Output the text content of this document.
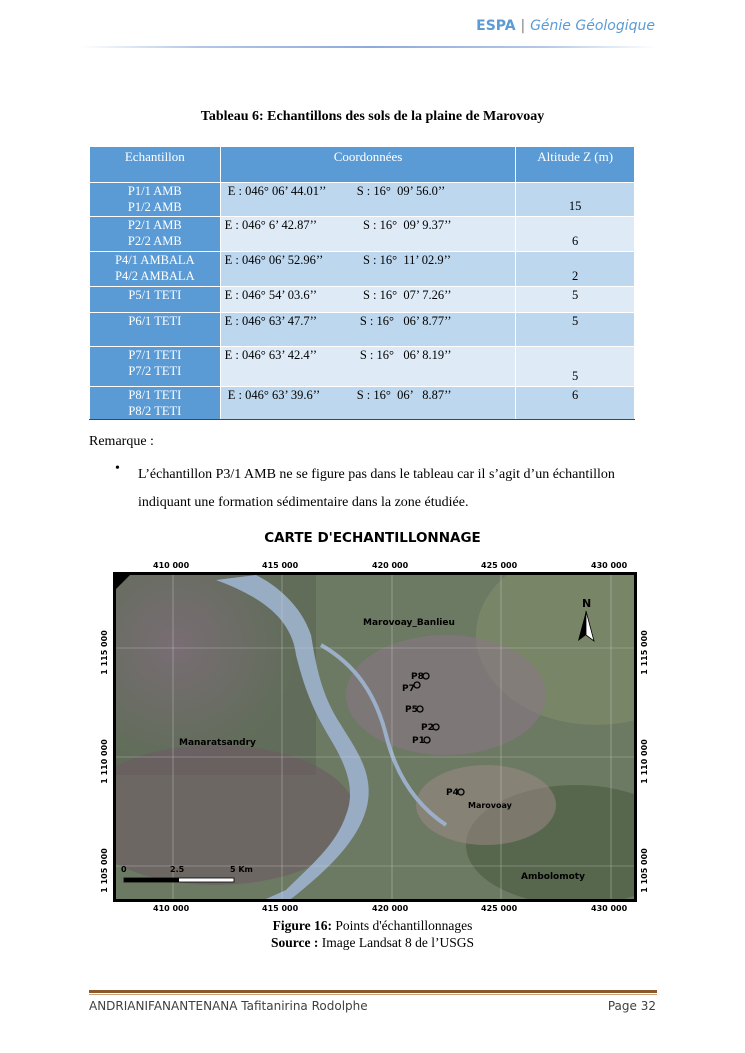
ESPA | Génie Géologique
Tableau 6: Echantillons des sols de la plaine de Marovoay
Echantillon	Coordonnées	Altitude Z (m)

P1/1 AMB
P1/2 AMB	E : 046° 06’ 44.01’’          S : 16°  09’ 56.0’’	15

P2/1 AMB
P2/2 AMB	E : 046° 6’ 42.87’’               S : 16°  09’ 9.37’’	6

P4/1 AMBALA
P4/2 AMBALA	E : 046° 06’ 52.96’’             S : 16°  11’ 02.9’’	2

P5/1 TETI	E : 046° 54’ 03.6’’               S : 16°  07’ 7.26’’	5

P6/1 TETI	E : 046° 63’ 47.7’’              S : 16°   06’ 8.77’’	5

P7/1 TETI
P7/2 TETI	E : 046° 63’ 42.4’’              S : 16°   06’ 8.19’’	5

P8/1 TETI
P8/2 TETI	E : 046° 63’ 39.6’’            S : 16°  06’   8.87’’	6
Remarque :
• L’échantillon P3/1 AMB ne se figure pas dans le tableau car il s’agit d’un échantillon indiquant une formation sédimentaire dans la zone étudiée.
CARTE D'ECHANTILLONNAGE
410 000	415 000	420 000	425 000	430 000
410 000	415 000	420 000	425 000	430 000
1 115 000
1 110 000
1 105 000
1 115 000
1 110 000
1 105 000
Marovoay_Banlieu
Manaratsandry
Marovoay
Ambolomoty
P8
P7
P5
P2
P1
P4
N
0	2.5	5 Km
Figure 16: Points d'échantillonnages
Source : Image Landsat 8 de l’USGS
ANDRIANIFANANTENANA Tafitanirina Rodolphe	Page 32
